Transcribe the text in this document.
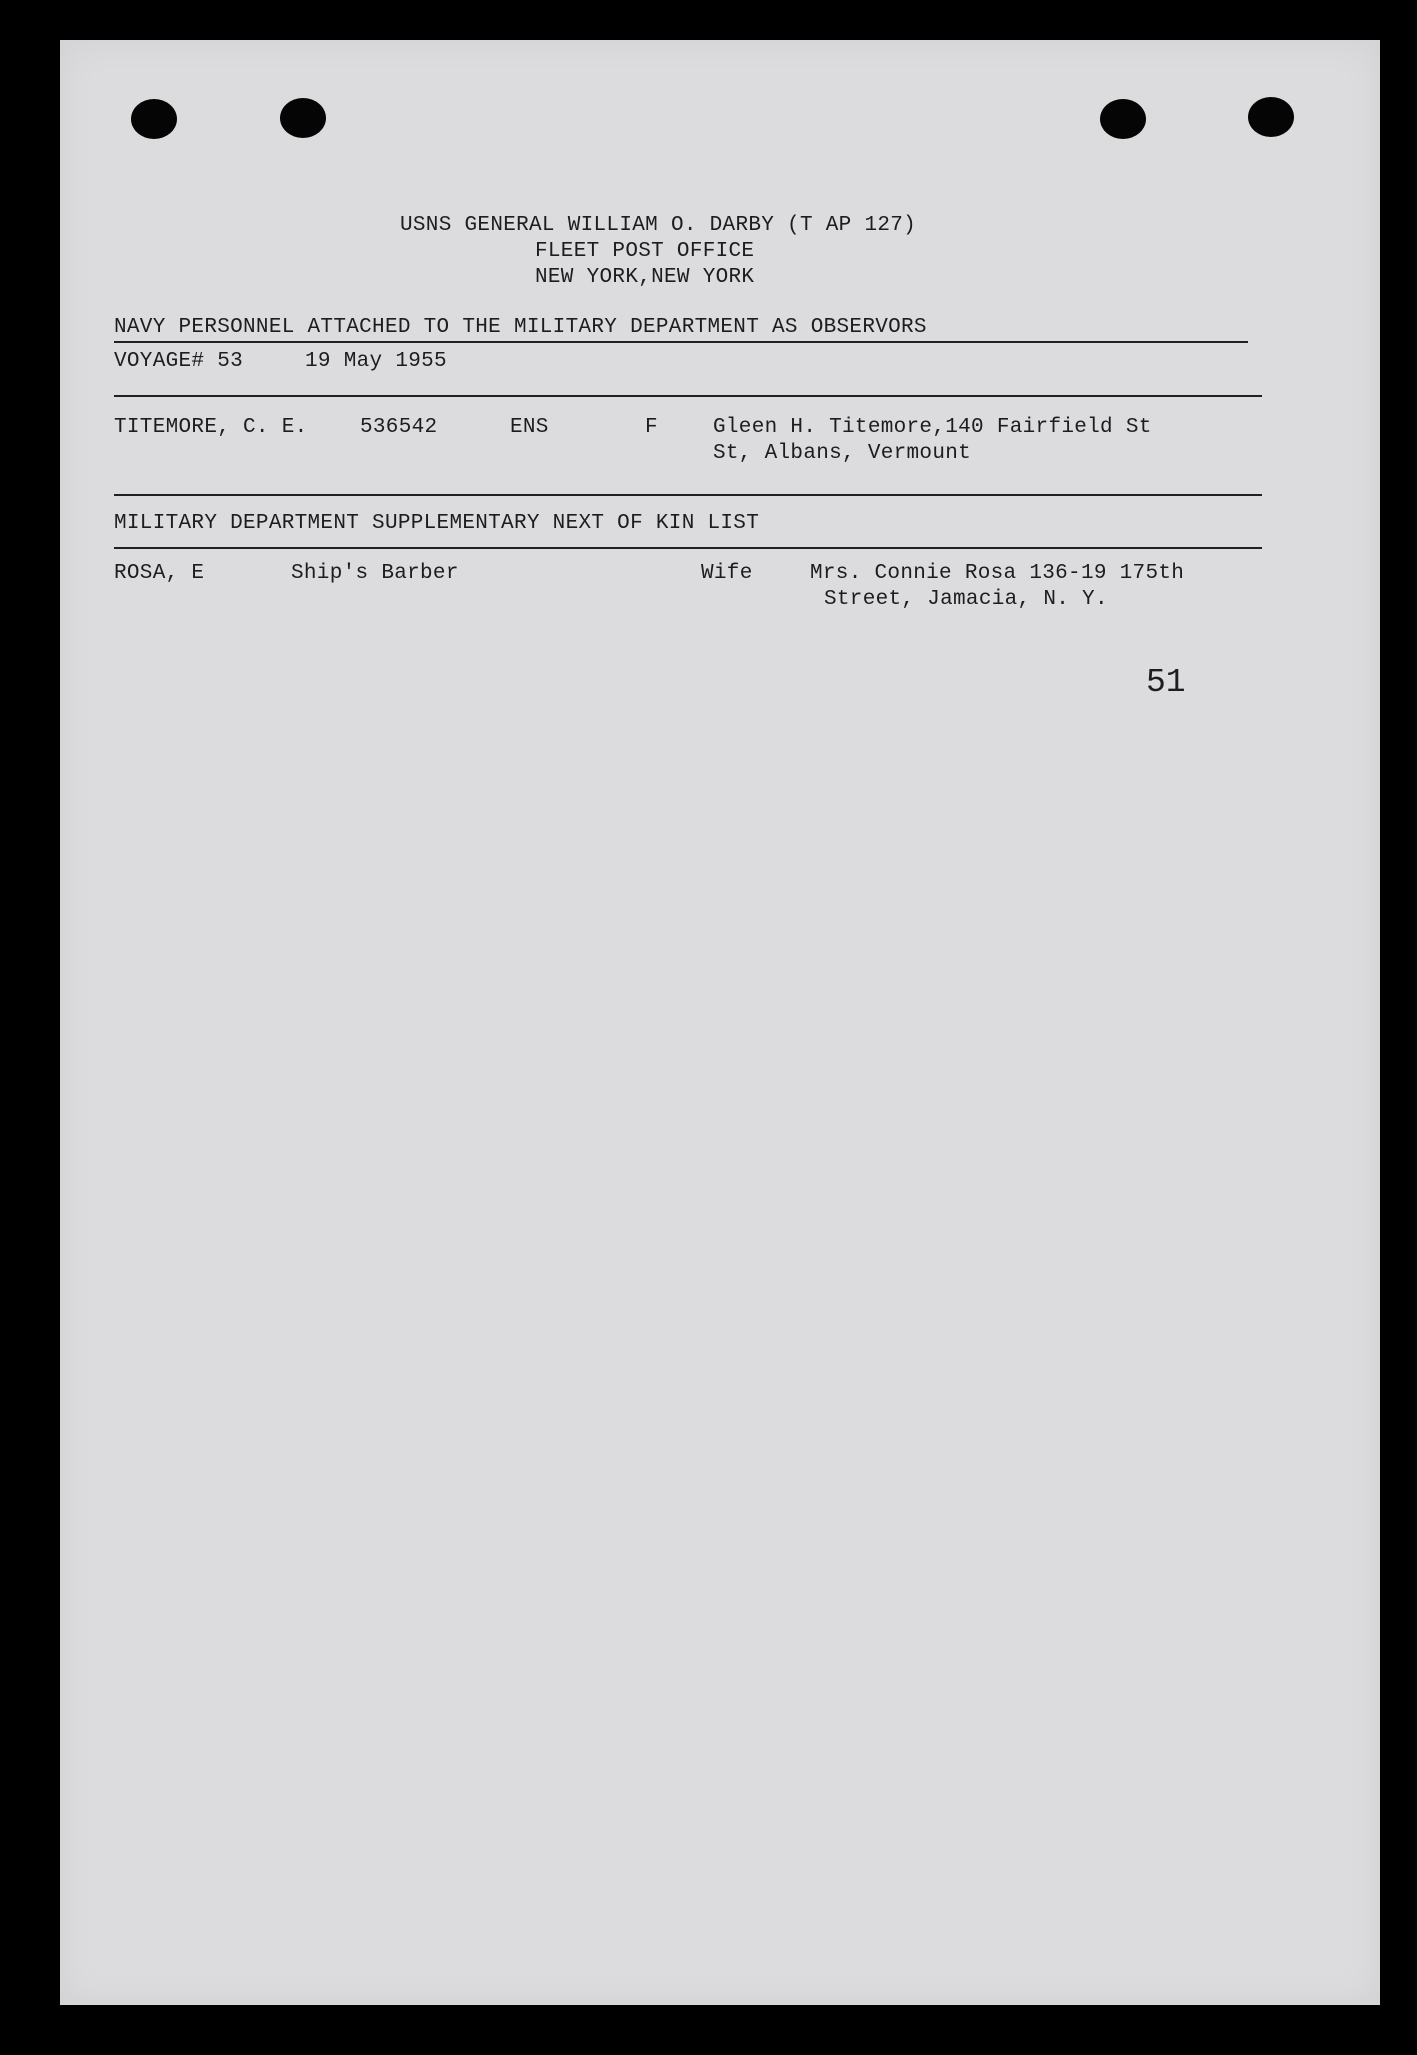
USNS GENERAL WILLIAM O. DARBY (T AP 127)
FLEET POST OFFICE
NEW YORK,NEW YORK
NAVY PERSONNEL ATTACHED TO THE MILITARY DEPARTMENT AS OBSERVORS
VOYAGE# 53	19 May 1955
TITEMORE, C. E. 536542	ENS	F	Gleen H. Titemore,140 Fairfield St
St, Albans, Vermount
MILITARY DEPARTMENT SUPPLEMENTARY NEXT OF KIN LIST
ROSA, E	Ship's Barber	Wife	Mrs. Connie Rosa 136-19 175th
Street, Jamacia, N. Y.
51
